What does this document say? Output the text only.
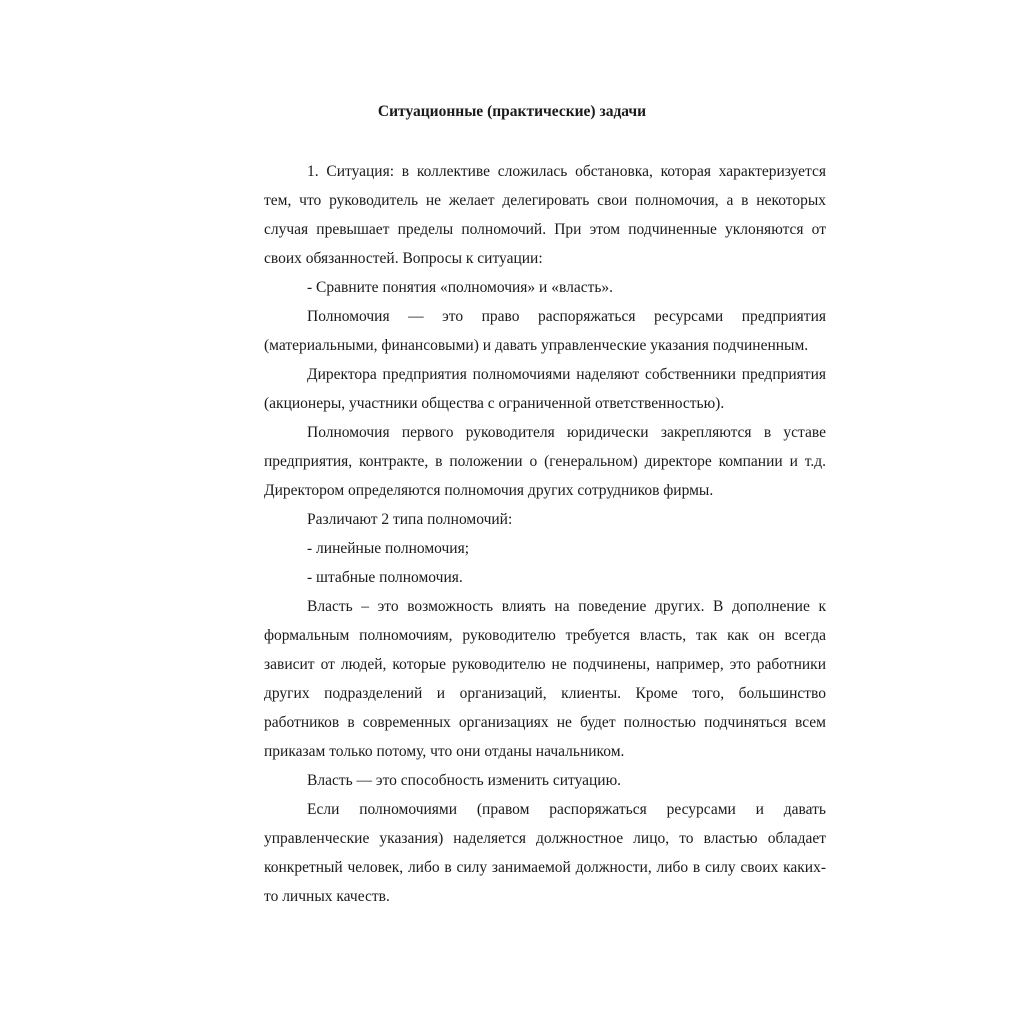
Ситуационные (практические) задачи

1. Ситуация: в коллективе сложилась обстановка, которая характеризуется тем, что руководитель не желает делегировать свои полномочия, а в некоторых случая превышает пределы полномочий. При этом подчиненные уклоняются от своих обязанностей. Вопросы к ситуации:

- Сравните понятия «полномочия» и «власть».

Полномочия — это право распоряжаться ресурсами предприятия (материальными, финансовыми) и давать управленческие указания подчиненным.

Директора предприятия полномочиями наделяют собственники предприятия (акционеры, участники общества с ограниченной ответственностью).

Полномочия первого руководителя юридически закрепляются в уставе предприятия, контракте, в положении о (генеральном) директоре компании и т.д. Директором определяются полномочия других сотрудников фирмы.

Различают 2 типа полномочий:

- линейные полномочия;

- штабные полномочия.

Власть – это возможность влиять на поведение других. В дополнение к формальным полномочиям, руководителю требуется власть, так как он всегда зависит от людей, которые руководителю не подчинены, например, это работники других подразделений и организаций, клиенты. Кроме того, большинство работников в современных организациях не будет полностью подчиняться всем приказам только потому, что они отданы начальником.

Власть — это способность изменить ситуацию.

Если полномочиями (правом распоряжаться ресурсами и давать управленческие указания) наделяется должностное лицо, то властью обладает конкретный человек, либо в силу занимаемой должности, либо в силу своих каких-то личных качеств.
